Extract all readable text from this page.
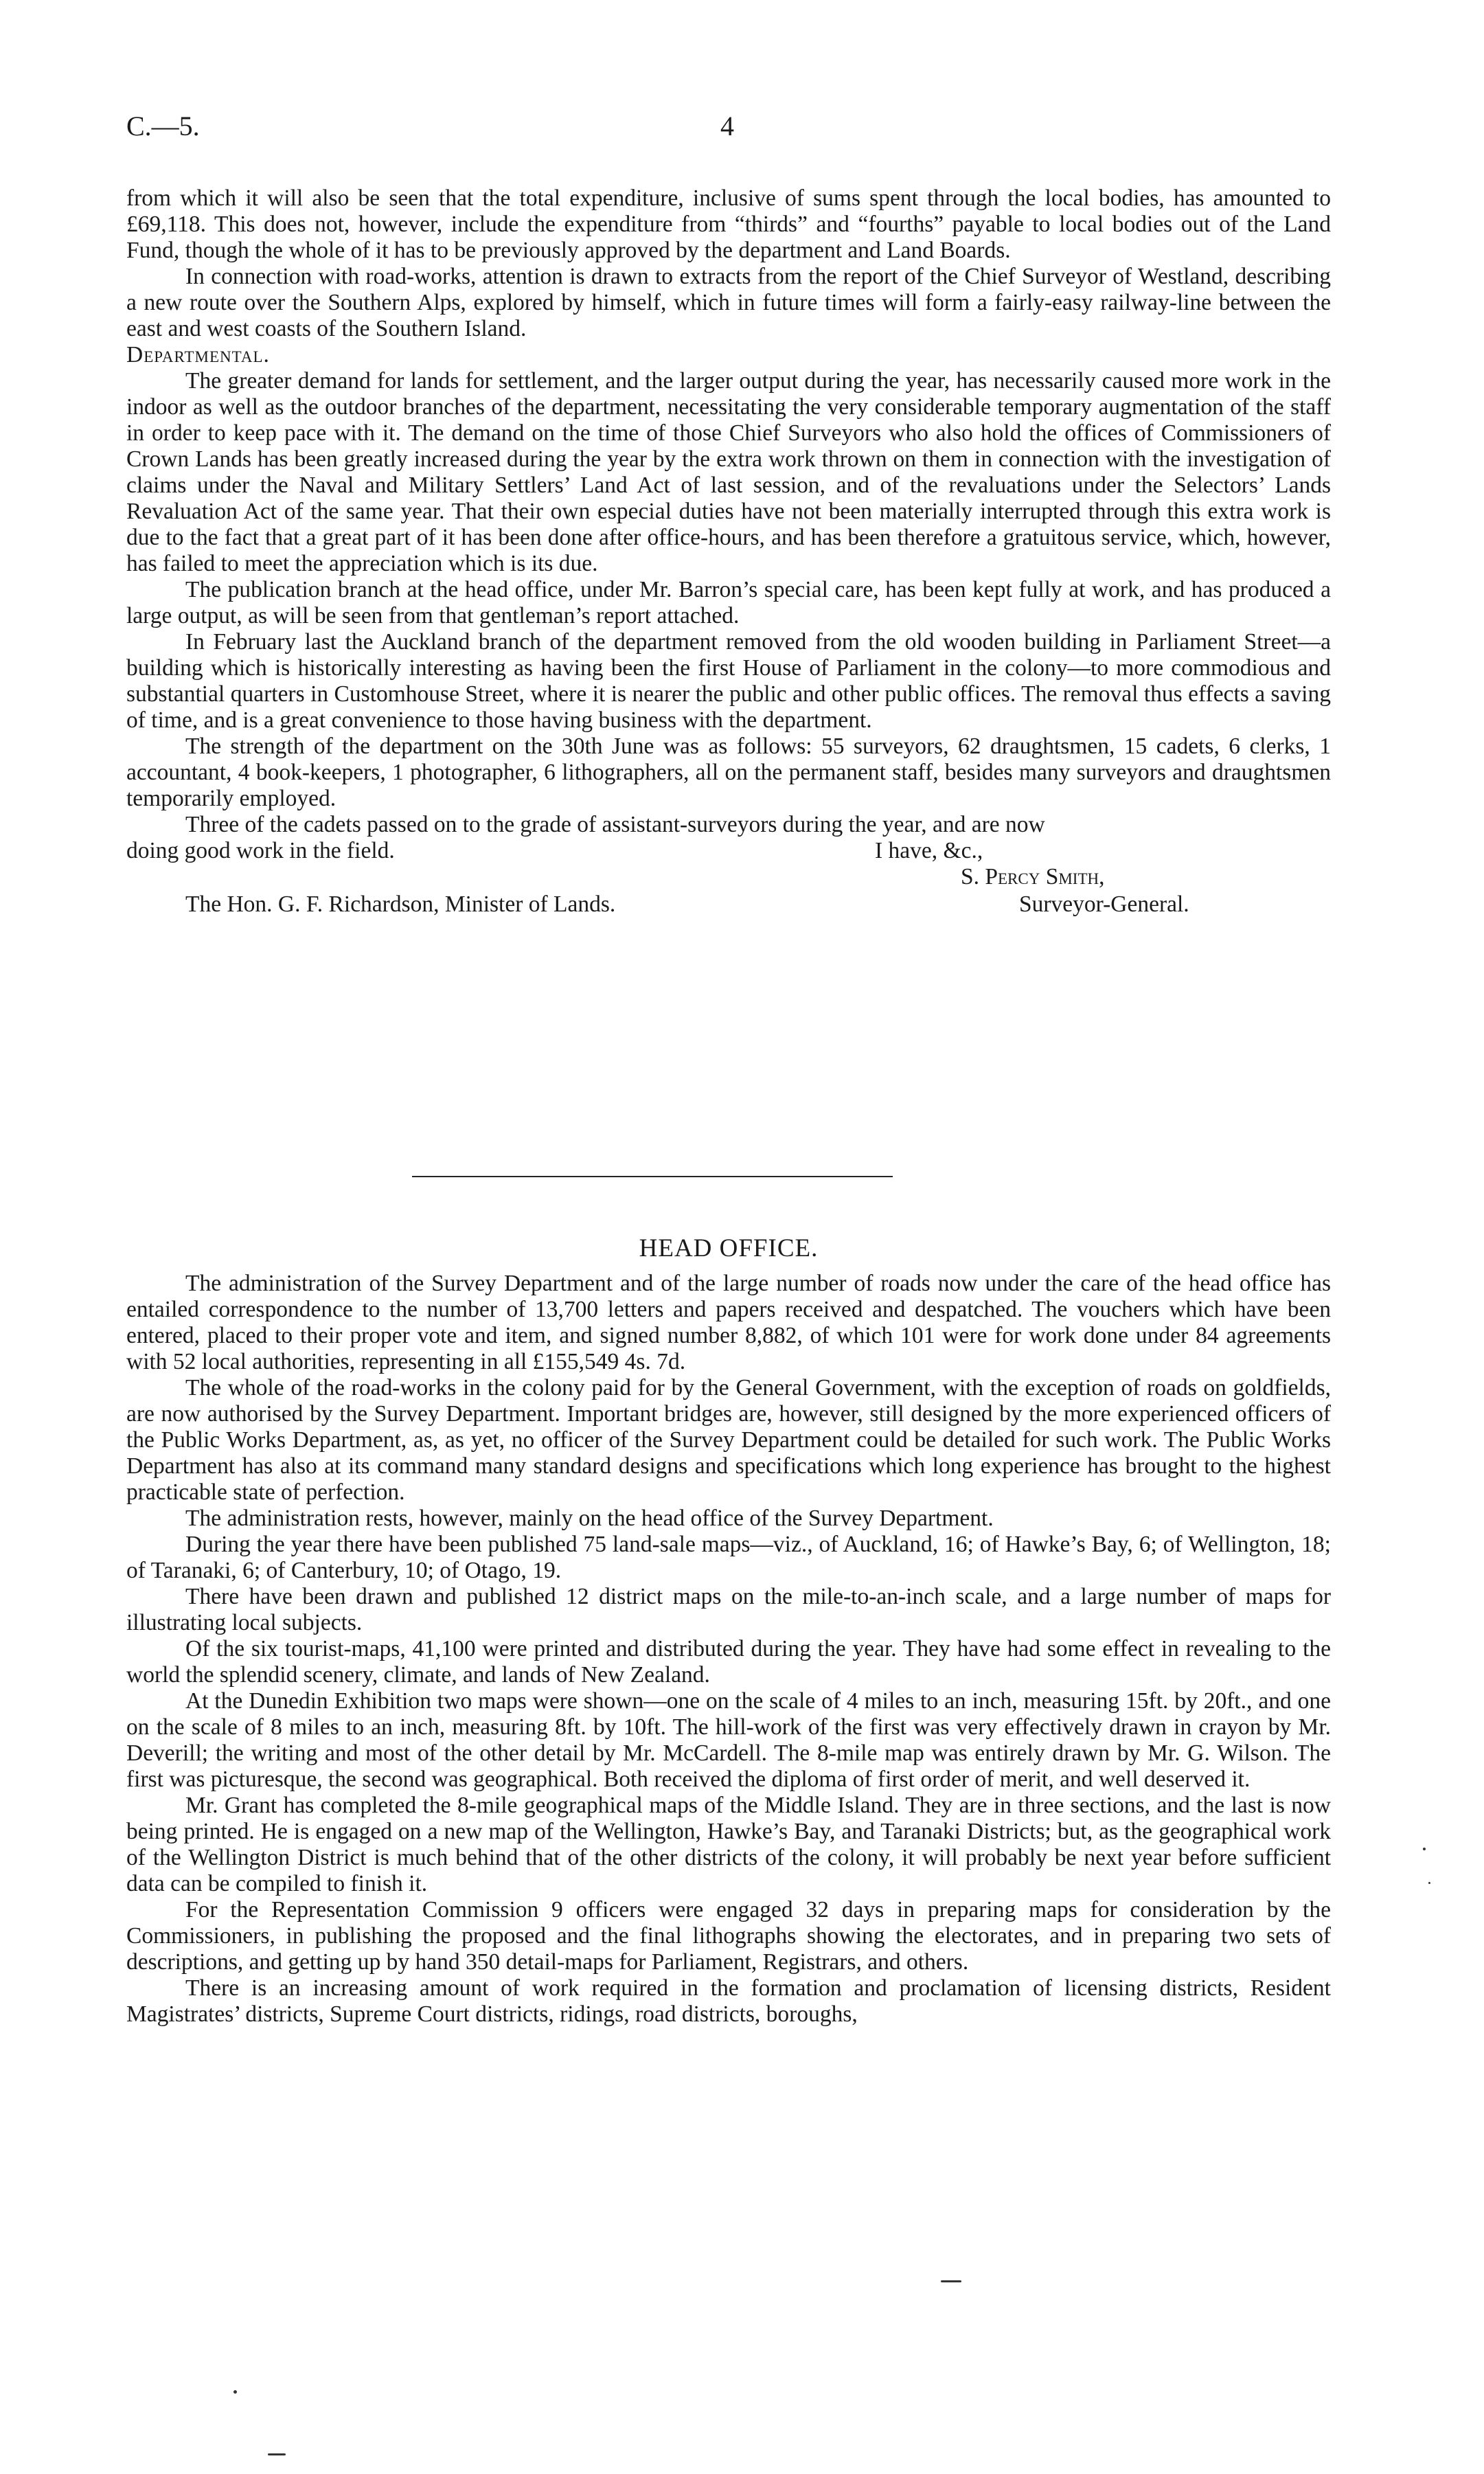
C.—5.	4

from which it will also be seen that the total expenditure, inclusive of sums spent through the local bodies, has amounted to £69,118. This does not, however, include the expenditure from “thirds” and “fourths” payable to local bodies out of the Land Fund, though the whole of it has to be previously approved by the department and Land Boards.

In connection with road-works, attention is drawn to extracts from the report of the Chief Surveyor of Westland, describing a new route over the Southern Alps, explored by himself, which in future times will form a fairly-easy railway-line between the east and west coasts of the Southern Island.

Departmental.

The greater demand for lands for settlement, and the larger output during the year, has necessarily caused more work in the indoor as well as the outdoor branches of the department, necessitating the very considerable temporary augmentation of the staff in order to keep pace with it. The demand on the time of those Chief Surveyors who also hold the offices of Commissioners of Crown Lands has been greatly increased during the year by the extra work thrown on them in connection with the investigation of claims under the Naval and Military Settlers’ Land Act of last session, and of the revaluations under the Selectors’ Lands Revaluation Act of the same year. That their own especial duties have not been materially interrupted through this extra work is due to the fact that a great part of it has been done after office-hours, and has been therefore a gratuitous service, which, however, has failed to meet the appreciation which is its due.

The publication branch at the head office, under Mr. Barron’s special care, has been kept fully at work, and has produced a large output, as will be seen from that gentleman’s report attached.

In February last the Auckland branch of the department removed from the old wooden building in Parliament Street—a building which is historically interesting as having been the first House of Parliament in the colony—to more commodious and substantial quarters in Customhouse Street, where it is nearer the public and other public offices. The removal thus effects a saving of time, and is a great convenience to those having business with the department.

The strength of the department on the 30th June was as follows: 55 surveyors, 62 draughtsmen, 15 cadets, 6 clerks, 1 accountant, 4 book-keepers, 1 photographer, 6 lithographers, all on the permanent staff, besides many surveyors and draughtsmen temporarily employed.

Three of the cadets passed on to the grade of assistant-surveyors during the year, and are now

doing good work in the field.	I have, &c.,
S. Percy Smith,
The Hon. G. F. Richardson, Minister of Lands.	Surveyor-General.
HEAD OFFICE.

The administration of the Survey Department and of the large number of roads now under the care of the head office has entailed correspondence to the number of 13,700 letters and papers received and despatched. The vouchers which have been entered, placed to their proper vote and item, and signed number 8,882, of which 101 were for work done under 84 agreements with 52 local authorities, representing in all £155,549 4s. 7d.

The whole of the road-works in the colony paid for by the General Government, with the exception of roads on goldfields, are now authorised by the Survey Department. Important bridges are, however, still designed by the more experienced officers of the Public Works Department, as, as yet, no officer of the Survey Department could be detailed for such work. The Public Works Department has also at its command many standard designs and specifications which long experience has brought to the highest practicable state of perfection.

The administration rests, however, mainly on the head office of the Survey Department.

During the year there have been published 75 land-sale maps—viz., of Auckland, 16; of Hawke’s Bay, 6; of Wellington, 18; of Taranaki, 6; of Canterbury, 10; of Otago, 19.

There have been drawn and published 12 district maps on the mile-to-an-inch scale, and a large number of maps for illustrating local subjects.

Of the six tourist-maps, 41,100 were printed and distributed during the year. They have had some effect in revealing to the world the splendid scenery, climate, and lands of New Zealand.

At the Dunedin Exhibition two maps were shown—one on the scale of 4 miles to an inch, measuring 15ft. by 20ft., and one on the scale of 8 miles to an inch, measuring 8ft. by 10ft. The hill-work of the first was very effectively drawn in crayon by Mr. Deverill; the writing and most of the other detail by Mr. McCardell. The 8-mile map was entirely drawn by Mr. G. Wilson. The first was picturesque, the second was geographical. Both received the diploma of first order of merit, and well deserved it.

Mr. Grant has completed the 8-mile geographical maps of the Middle Island. They are in three sections, and the last is now being printed. He is engaged on a new map of the Wellington, Hawke’s Bay, and Taranaki Districts; but, as the geographical work of the Wellington District is much behind that of the other districts of the colony, it will probably be next year before sufficient data can be compiled to finish it.

For the Representation Commission 9 officers were engaged 32 days in preparing maps for consideration by the Commissioners, in publishing the proposed and the final lithographs showing the electorates, and in preparing two sets of descriptions, and getting up by hand 350 detail-maps for Parliament, Registrars, and others.

There is an increasing amount of work required in the formation and proclamation of licensing districts, Resident Magistrates’ districts, Supreme Court districts, ridings, road districts, boroughs,
